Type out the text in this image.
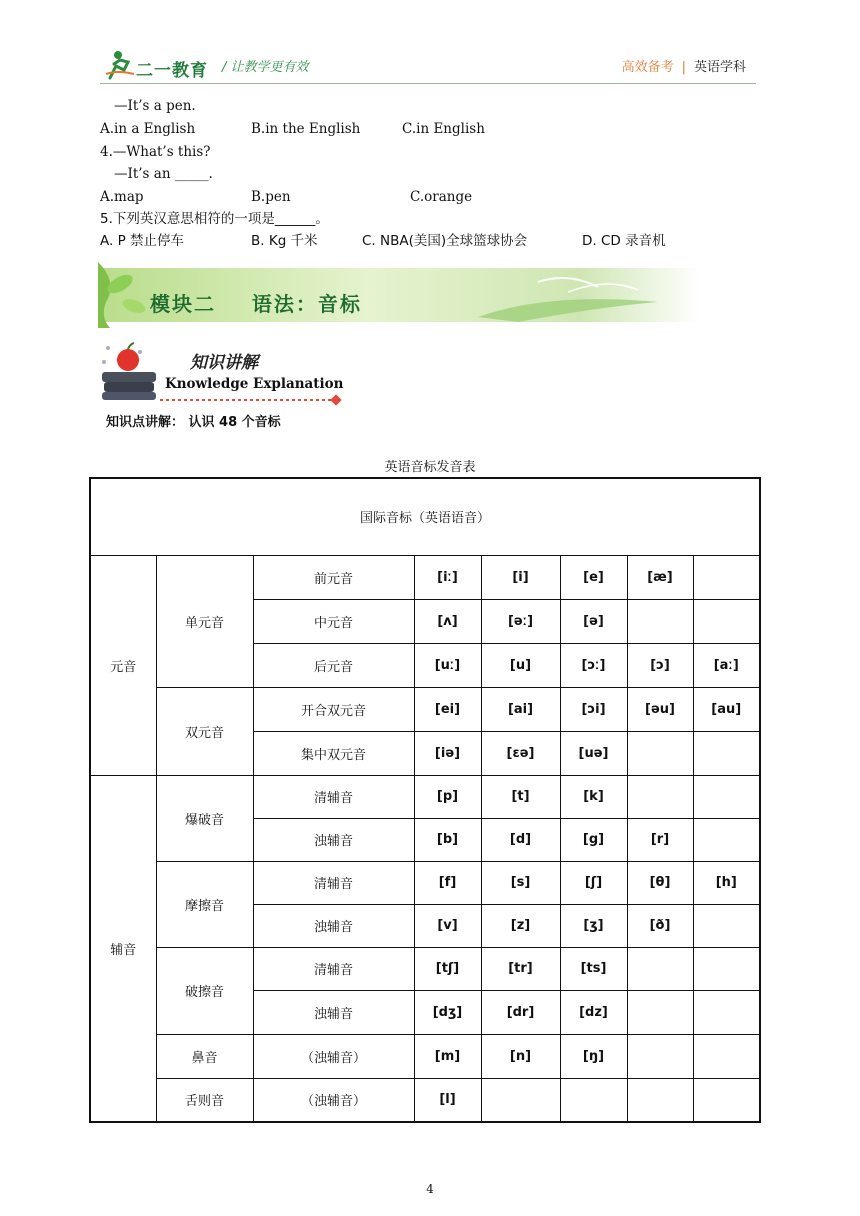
二一教育 / 让教学更有效	高效备考 | 英语学科
—It’s a pen.
A.in a English	B.in the English	C.in English
4.—What’s this?
—It’s an _____.
A.map	B.pen	C.orange
5.下列英汉意思相符的一项是______。
A. P 禁止停车	B. Kg 千米	C. NBA(美国)全球篮球协会	D. CD 录音机
模块二    语法：音标
知识讲解
Knowledge Explanation
知识点讲解： 认识 48 个音标
英语音标发音表
国际音标（英语语音）							
元音	单元音	前元音	[iː]	[i]	[e]	[æ]	
		中元音	[ʌ]	[əː]	[ə]		
		后元音	[uː]	[u]	[ɔː]	[ɔ]	[aː]
	双元音	开合双元音	[ei]	[ai]	[ɔi]	[əu]	[au]
		集中双元音	[iə]	[ɛə]	[uə]		
辅音	爆破音	清辅音	[p]	[t]	[k]		
		浊辅音	[b]	[d]	[g]	[r]	
	摩擦音	清辅音	[f]	[s]	[ʃ]	[θ]	[h]
		浊辅音	[v]	[z]	[ʒ]	[ð]	
	破擦音	清辅音	[tʃ]	[tr]	[ts]		
		浊辅音	[dʒ]	[dr]	[dz]		
	鼻音	（浊辅音）	[m]	[n]	[ŋ]		
	舌则音	（浊辅音）	[l]				
4
